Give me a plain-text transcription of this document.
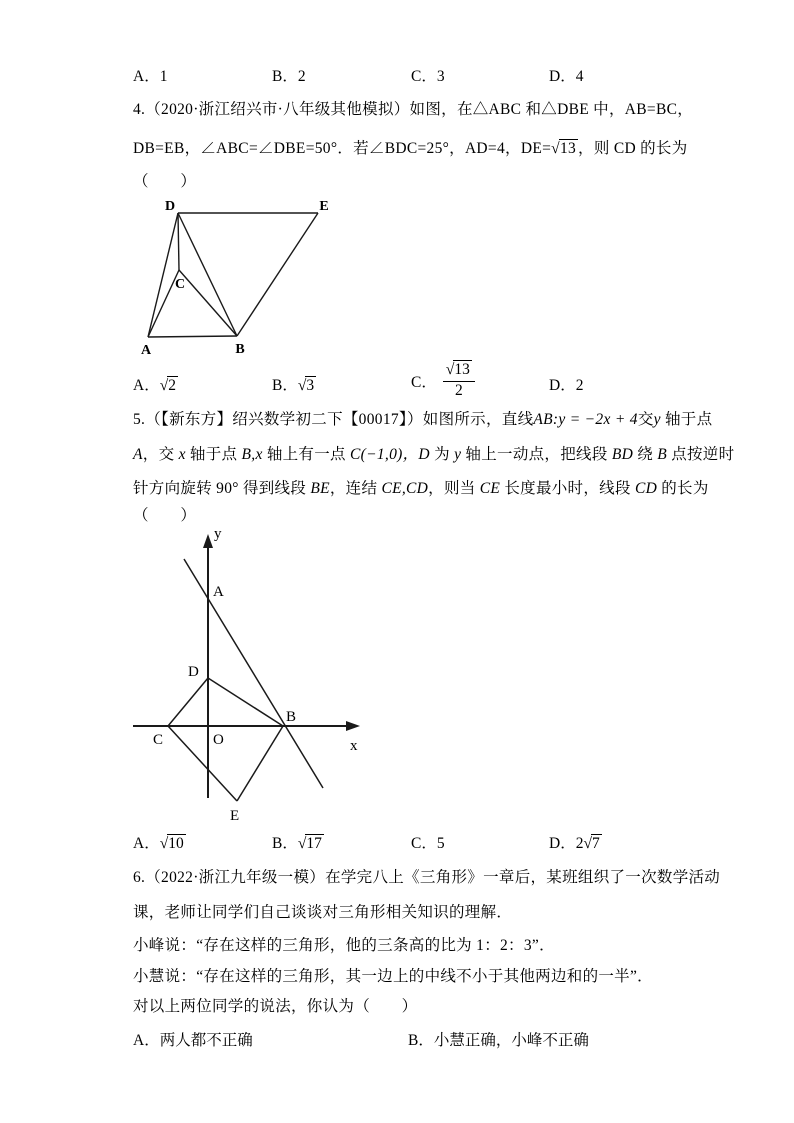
A．1	B．2	C．3	D．4
4.（2020·浙江绍兴市·八年级其他模拟）如图，在△ABC 和△DBE 中，AB=BC，
DB=EB，∠ABC=∠DBE=50°．若∠BDC=25°，AD=4，DE=√13 ，则 CD 的长为
（　　）
D	E
A	B
C
A．√2	B．√3	C． $\frac{√13}{2}$	D．2
5.（【新东方】绍兴数学初二下【00017】）如图所示，直线AB:y = −2x + 4交y 轴于点
A，交 x 轴于点 B,x 轴上有一点 C(−1,0)，D 为 y 轴上一动点，把线段 BD 绕 B 点按逆时
针方向旋转 90° 得到线段 BE，连结 CE,CD，则当 CE 长度最小时，线段 CD 的长为
（　　）
y
x
O
A
B
C
D
E
A．√10	B．√17	C．5	D．2√7
6.（2022·浙江九年级一模）在学完八上《三角形》一章后，某班组织了一次数学活动
课，老师让同学们自己谈谈对三角形相关知识的理解．
小峰说：“存在这样的三角形，他的三条高的比为 1：2：3”．
小慧说：“存在这样的三角形，其一边上的中线不小于其他两边和的一半”．
对以上两位同学的说法，你认为（　　）
A．两人都不正确	B．小慧正确，小峰不正确
